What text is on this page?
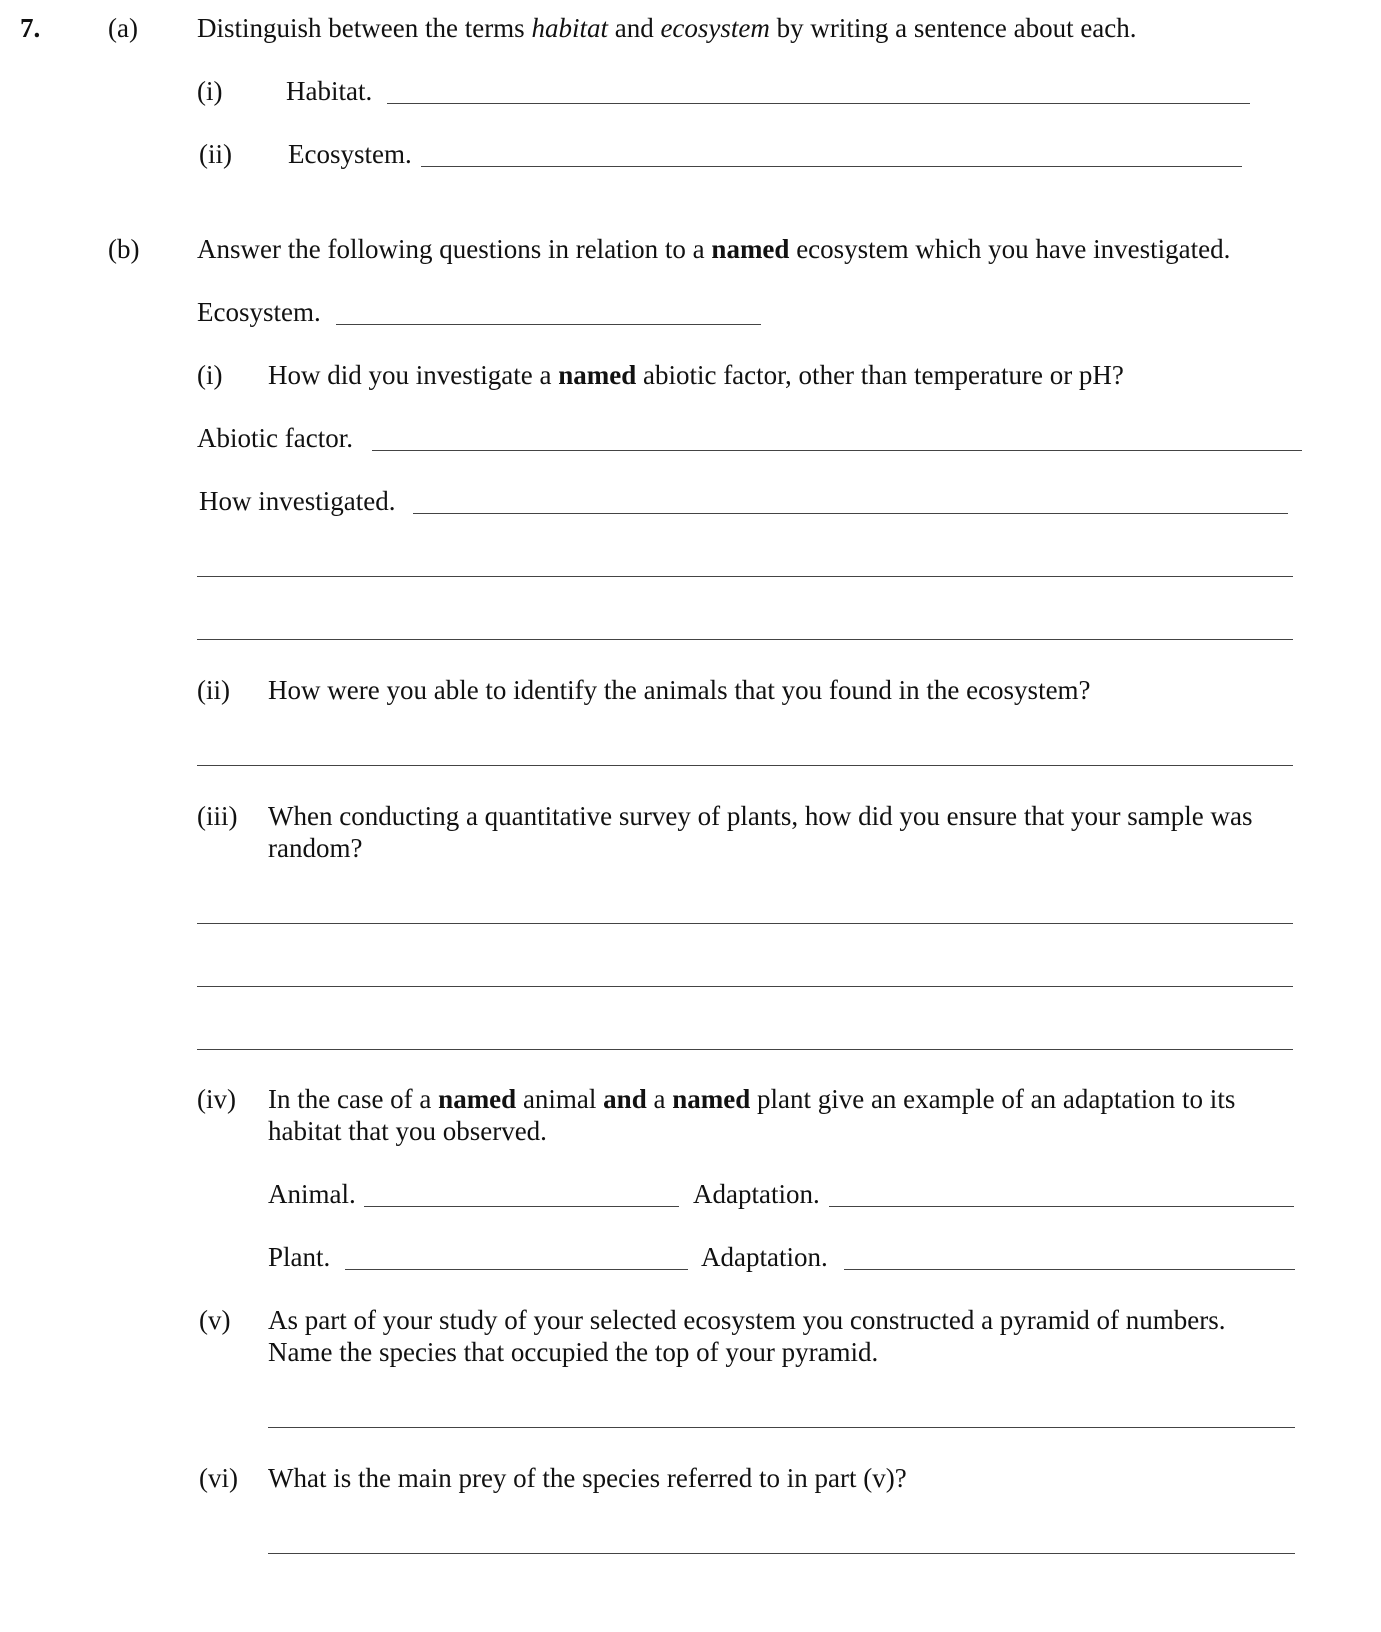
7.	(a) Distinguish between the terms habitat and ecosystem by writing a sentence about each.
(i) Habitat.
(ii) Ecosystem.
(b) Answer the following questions in relation to a named ecosystem which you have investigated.
Ecosystem.
(i) How did you investigate a named abiotic factor, other than temperature or pH?
Abiotic factor.
How investigated.
(ii) How were you able to identify the animals that you found in the ecosystem?
(iii) When conducting a quantitative survey of plants, how did you ensure that your sample was random?
(iv) In the case of a named animal and a named plant give an example of an adaptation to its habitat that you observed.
Animal.	Adaptation.
Plant.	Adaptation.
(v) As part of your study of your selected ecosystem you constructed a pyramid of numbers. Name the species that occupied the top of your pyramid.
(vi) What is the main prey of the species referred to in part (v)?
